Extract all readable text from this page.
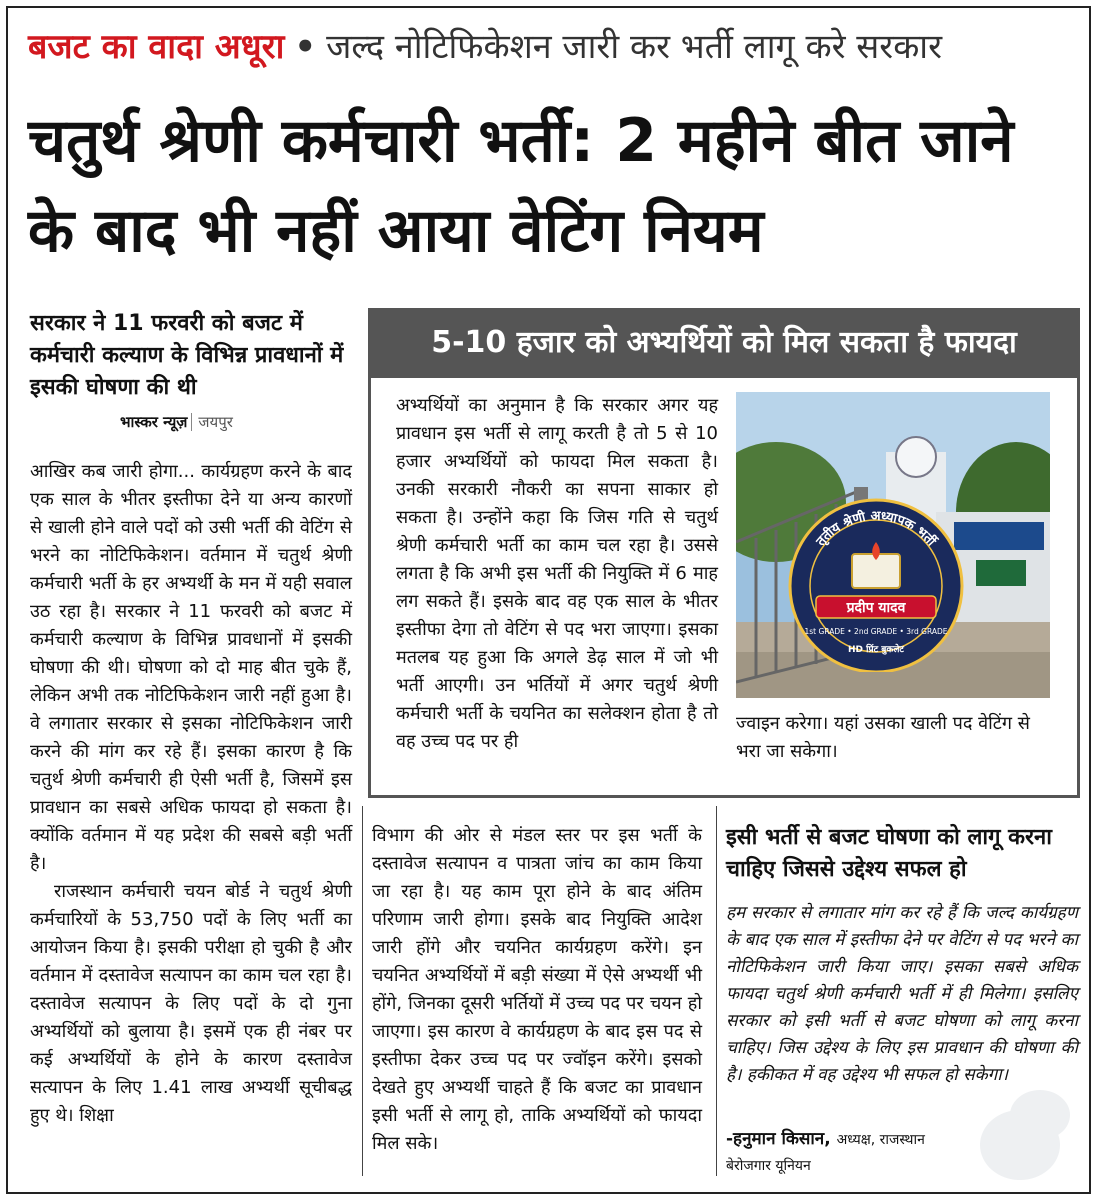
बजट का वादा अधूरा • जल्द नोटिफिकेशन जारी कर भर्ती लागू करे सरकार
चतुर्थ श्रेणी कर्मचारी भर्ती: 2 महीने बीत जाने के बाद भी नहीं आया वेटिंग नियम
सरकार ने 11 फरवरी को बजट में कर्मचारी कल्याण के विभिन्न प्रावधानों में इसकी घोषणा की थी
भास्कर न्यूज़ जयपुर

आखिर कब जारी होगा... कार्यग्रहण करने के बाद एक साल के भीतर इस्तीफा देने या अन्य कारणों से खाली होने वाले पदों को उसी भर्ती की वेटिंग से भरने का नोटिफिकेशन। वर्तमान में चतुर्थ श्रेणी कर्मचारी भर्ती के हर अभ्यर्थी के मन में यही सवाल उठ रहा है। सरकार ने 11 फरवरी को बजट में कर्मचारी कल्याण के विभिन्न प्रावधानों में इसकी घोषणा की थी। घोषणा को दो माह बीत चुके हैं, लेकिन अभी तक नोटिफिकेशन जारी नहीं हुआ है। वे लगातार सरकार से इसका नोटिफिकेशन जारी करने की मांग कर रहे हैं। इसका कारण है कि चतुर्थ श्रेणी कर्मचारी ही ऐसी भर्ती है, जिसमें इस प्रावधान का सबसे अधिक फायदा हो सकता है। क्योंकि वर्तमान में यह प्रदेश की सबसे बड़ी भर्ती है।

राजस्थान कर्मचारी चयन बोर्ड ने चतुर्थ श्रेणी कर्मचारियों के 53,750 पदों के लिए भर्ती का आयोजन किया है। इसकी परीक्षा हो चुकी है और वर्तमान में दस्तावेज सत्यापन का काम चल रहा है। दस्तावेज सत्यापन के लिए पदों के दो गुना अभ्यर्थियों को बुलाया है। इसमें एक ही नंबर पर कई अभ्यर्थियों के होने के कारण दस्तावेज सत्यापन के लिए 1.41 लाख अभ्यर्थी सूचीबद्ध हुए थे। शिक्षा

5-10 हजार को अभ्यर्थियों को मिल सकता है फायदा
अभ्यर्थियों का अनुमान है कि सरकार अगर यह प्रावधान इस भर्ती से लागू करती है तो 5 से 10 हजार अभ्यर्थियों को फायदा मिल सकता है। उनकी सरकारी नौकरी का सपना साकार हो सकता है। उन्होंने कहा कि जिस गति से चतुर्थ श्रेणी कर्मचारी भर्ती का काम चल रहा है। उससे लगता है कि अभी इस भर्ती की नियुक्ति में 6 माह लग सकते हैं। इसके बाद वह एक साल के भीतर इस्तीफा देगा तो वेटिंग से पद भरा जाएगा। इसका मतलब यह हुआ कि अगले डेढ़ साल में जो भी भर्ती आएगी। उन भर्तियों में अगर चतुर्थ श्रेणी कर्मचारी भर्ती के चयनित का सलेक्शन होता है तो वह उच्च पद पर ही
तृतीय श्रेणी अध्यापक भर्ती
प्रदीप यादव
1st GRADE • 2nd GRADE • 3rd GRADE
HD प्रिंट बुकलेट
ज्वाइन करेगा। यहां उसका खाली पद वेटिंग से भरा जा सकेगा।
विभाग की ओर से मंडल स्तर पर इस भर्ती के दस्तावेज सत्यापन व पात्रता जांच का काम किया जा रहा है। यह काम पूरा होने के बाद अंतिम परिणाम जारी होगा। इसके बाद नियुक्ति आदेश जारी होंगे और चयनित कार्यग्रहण करेंगे। इन चयनित अभ्यर्थियों में बड़ी संख्या में ऐसे अभ्यर्थी भी होंगे, जिनका दूसरी भर्तियों में उच्च पद पर चयन हो जाएगा। इस कारण वे कार्यग्रहण के बाद इस पद से इस्तीफा देकर उच्च पद पर ज्वॉइन करेंगे। इसको देखते हुए अभ्यर्थी चाहते हैं कि बजट का प्रावधान इसी भर्ती से लागू हो, ताकि अभ्यर्थियों को फायदा मिल सके।
इसी भर्ती से बजट घोषणा को लागू करना चाहिए जिससे उद्देश्य सफल हो
हम सरकार से लगातार मांग कर रहे हैं कि जल्द कार्यग्रहण के बाद एक साल में इस्तीफा देने पर वेटिंग से पद भरने का नोटिफिकेशन जारी किया जाए। इसका सबसे अधिक फायदा चतुर्थ श्रेणी कर्मचारी भर्ती में ही मिलेगा। इसलिए सरकार को इसी भर्ती से बजट घोषणा को लागू करना चाहिए। जिस उद्देश्य के लिए इस प्रावधान की घोषणा की है। हकीकत में वह उद्देश्य भी सफल हो सकेगा।
-हनुमान किसान, अध्यक्ष, राजस्थान
बेरोजगार यूनियन
